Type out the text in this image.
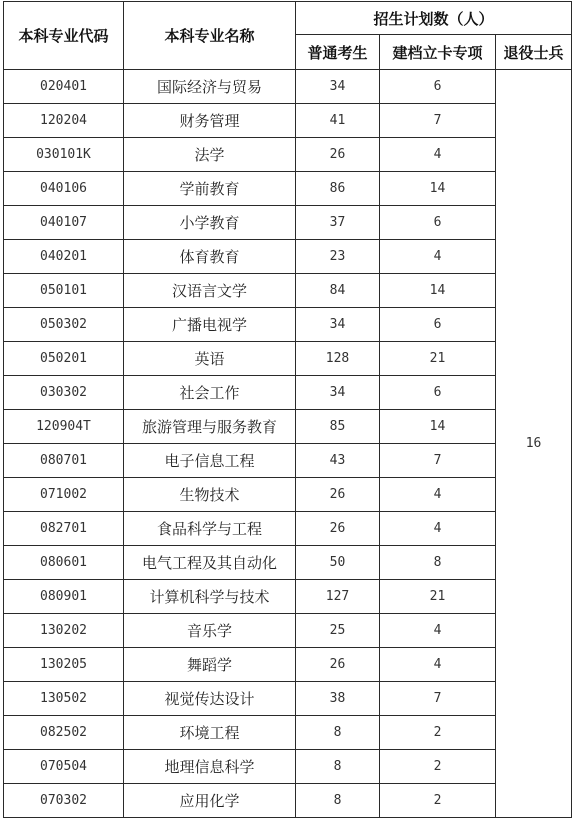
本科专业代码	本科专业名称	招生计划数（人）		
		普通考生	建档立卡专项	退役士兵
020401	国际经济与贸易	34	6	16
120204	财务管理	41	7	
030101K	法学	26	4	
040106	学前教育	86	14	
040107	小学教育	37	6	
040201	体育教育	23	4	
050101	汉语言文学	84	14	
050302	广播电视学	34	6	
050201	英语	128	21	
030302	社会工作	34	6	
120904T	旅游管理与服务教育	85	14	
080701	电子信息工程	43	7	
071002	生物技术	26	4	
082701	食品科学与工程	26	4	
080601	电气工程及其自动化	50	8	
080901	计算机科学与技术	127	21	
130202	音乐学	25	4	
130205	舞蹈学	26	4	
130502	视觉传达设计	38	7	
082502	环境工程	8	2	
070504	地理信息科学	8	2	
070302	应用化学	8	2	
